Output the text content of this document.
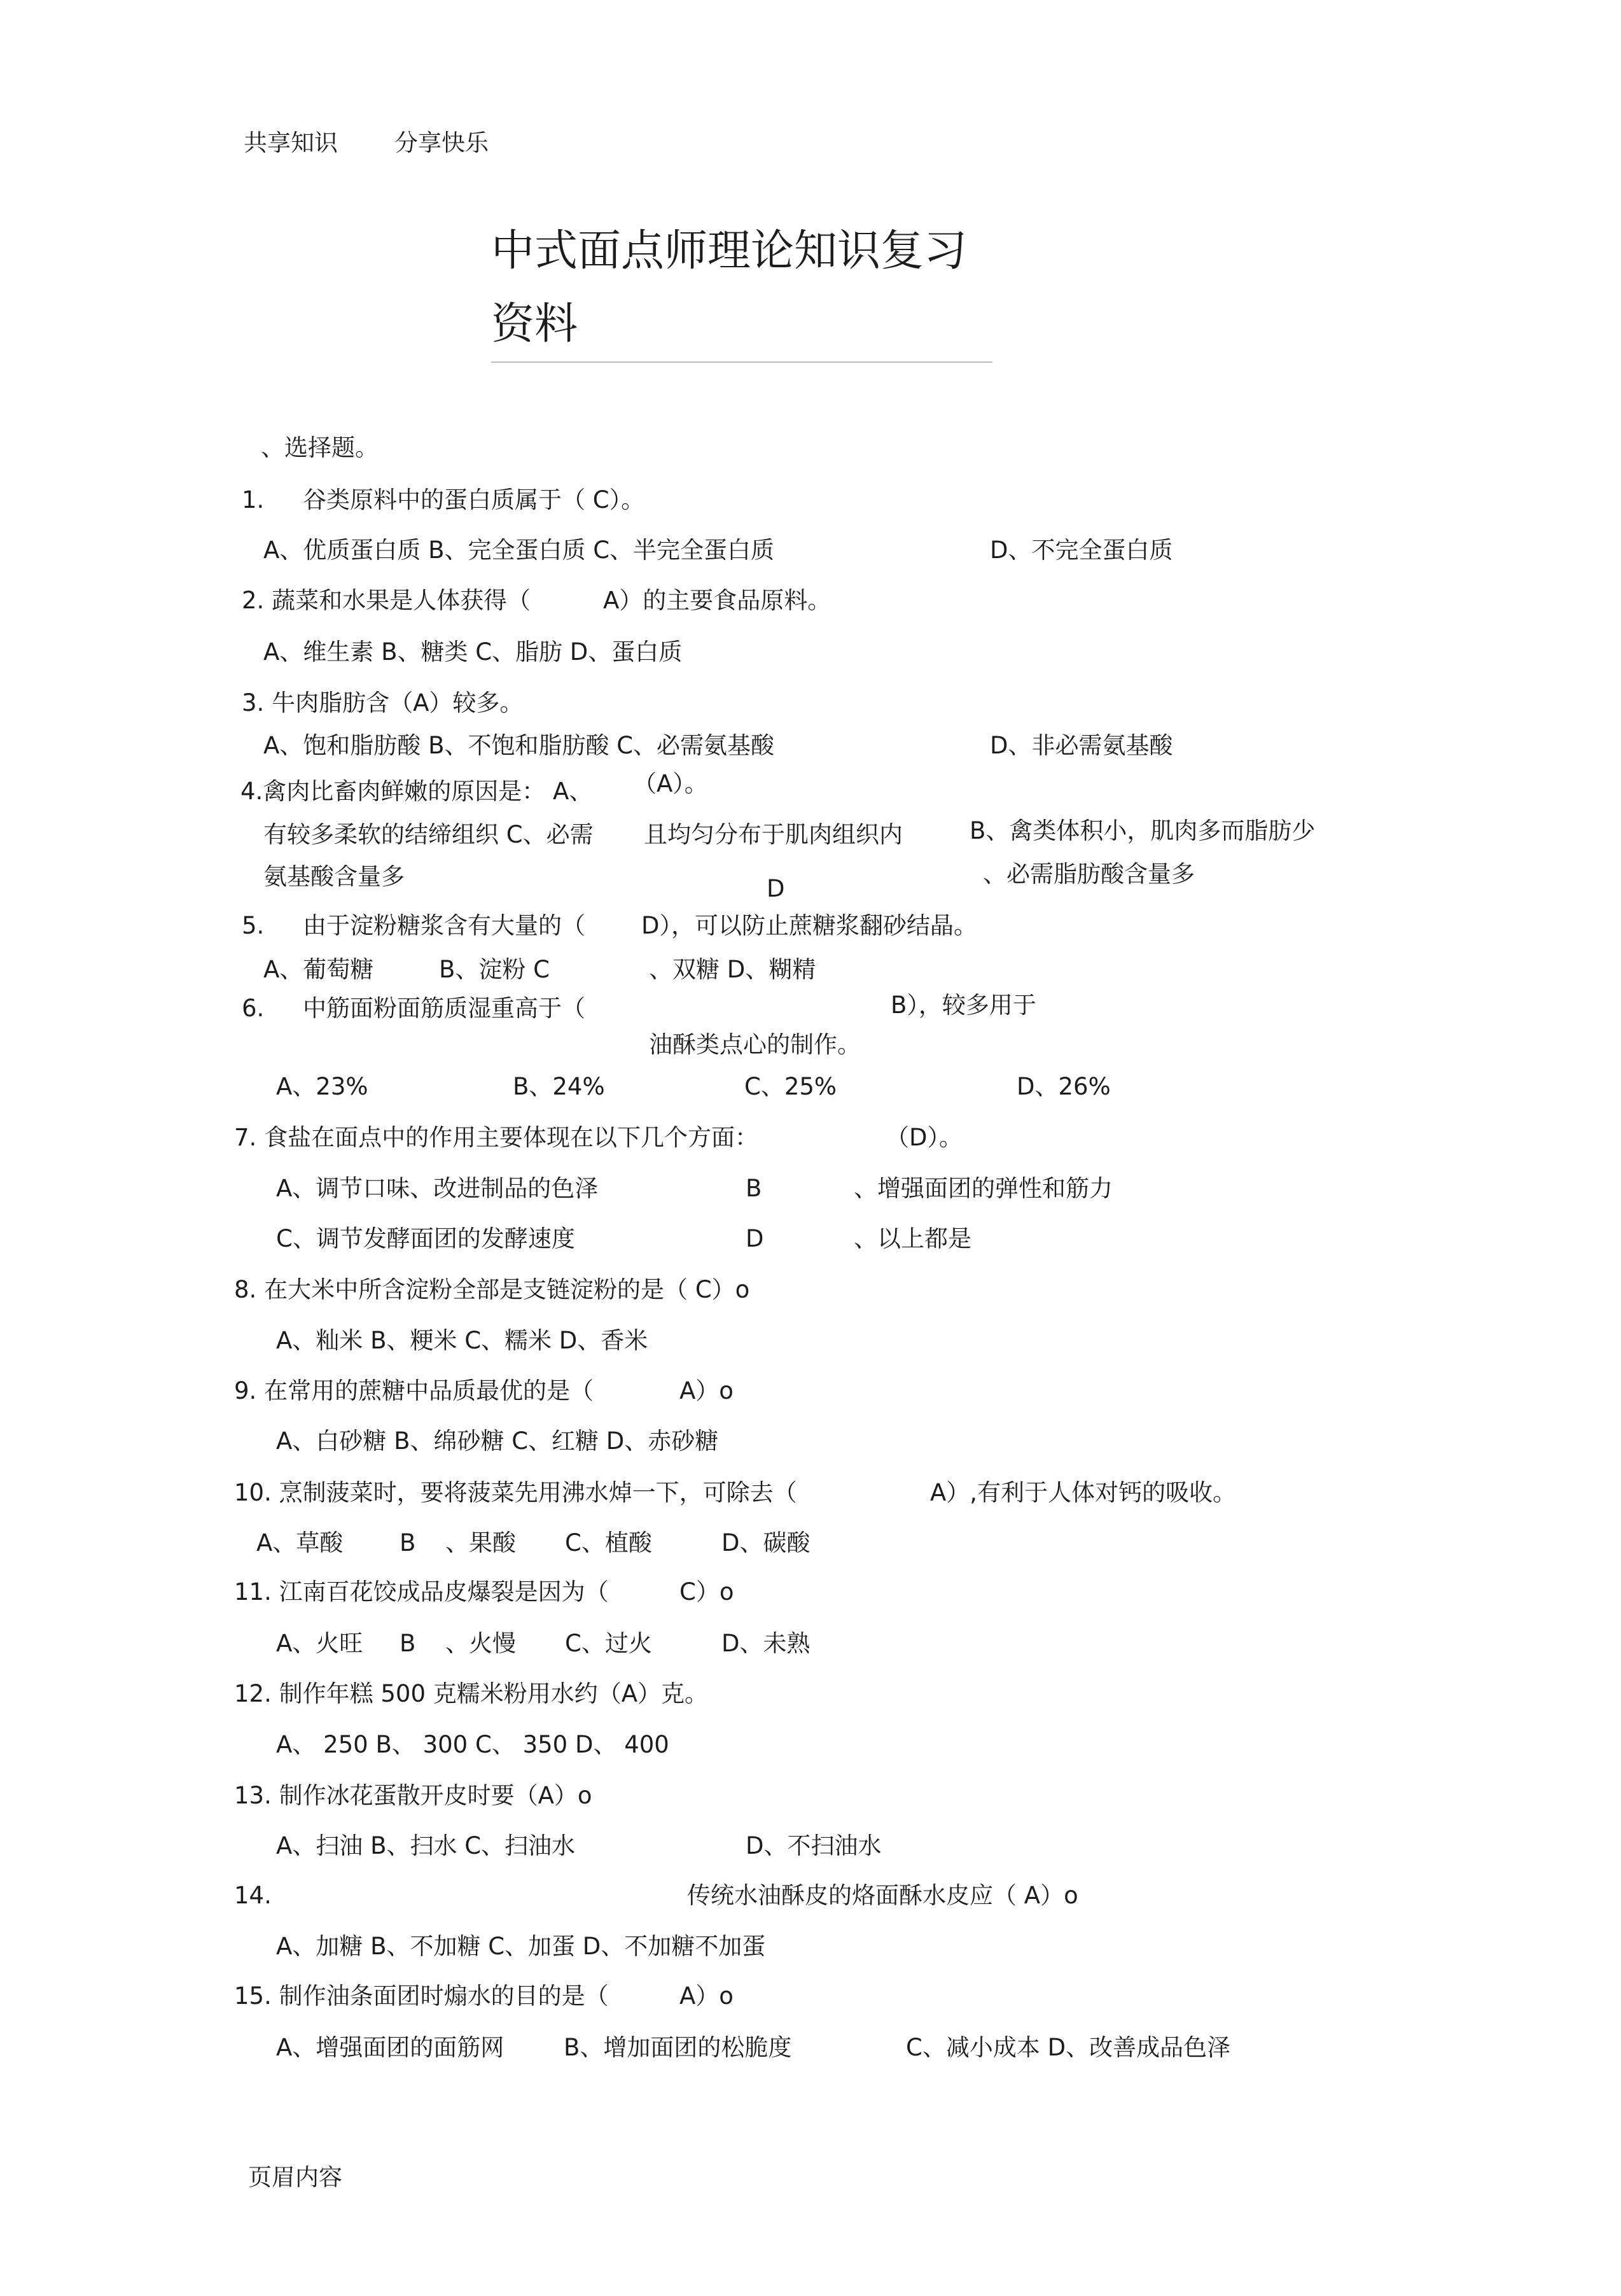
共享知识 分享快乐
中式面点师理论知识复习
资料
、选择题。
1. 谷类原料中的蛋白质属于（ C）。
A、优质蛋白质 B、完全蛋白质 C、半完全蛋白质	D、不完全蛋白质
2. 蔬菜和水果是人体获得（	A）的主要食品原料。
A、维生素 B、糖类 C、脂肪 D、蛋白质
3. 牛肉脂肪含（A）较多。
A、饱和脂肪酸 B、不饱和脂肪酸 C、必需氨基酸	D、非必需氨基酸
4.禽肉比畜肉鲜嫩的原因是： A、 （A）。
有较多柔软的结缔组织 C、必需 且均匀分布于肌肉组织内	B、禽类体积小，肌肉多而脂肪少
氨基酸含量多	、必需脂肪酸含量多
D
5. 由于淀粉糖浆含有大量的（ D），可以防止蔗糖浆翻砂结晶。
A、葡萄糖	B、淀粉 C	、双糖 D、糊精
6. 中筋面粉面筋质湿重高于（	B），较多用于
油酥类点心的制作。
A、23%	B、24%	C、25%	D、26%
7. 食盐在面点中的作用主要体现在以下几个方面：	（D）。
A、调节口味、改进制品的色泽	B	、增强面团的弹性和筋力
C、调节发酵面团的发酵速度	D	、以上都是
8. 在大米中所含淀粉全部是支链淀粉的是（ C）o
A、籼米 B、粳米 C、糯米 D、香米
9. 在常用的蔗糖中品质最优的是（	A）o
A、白砂糖 B、绵砂糖 C、红糖 D、赤砂糖
10. 烹制菠菜时，要将菠菜先用沸水焯一下，可除去（	A）,有利于人体对钙的吸收。
A、草酸 B 、果酸 C、植酸	D、碳酸
11. 江南百花饺成品皮爆裂是因为（	C）o
A、火旺 B 、火慢 C、过火	D、未熟
12. 制作年糕 500 克糯米粉用水约（A）克。
A、 250 B、 300 C、 350 D、 400
13. 制作冰花蛋散开皮时要（A）o
A、扫油 B、扫水 C、扫油水	D、不扫油水
14.	传统水油酥皮的烙面酥水皮应（ A）o
A、加糖 B、不加糖 C、加蛋 D、不加糖不加蛋
15. 制作油条面团时煽水的目的是（	A）o
A、增强面团的面筋网	B、增加面团的松脆度	C、减小成本 D、改善成品色泽
页眉内容
